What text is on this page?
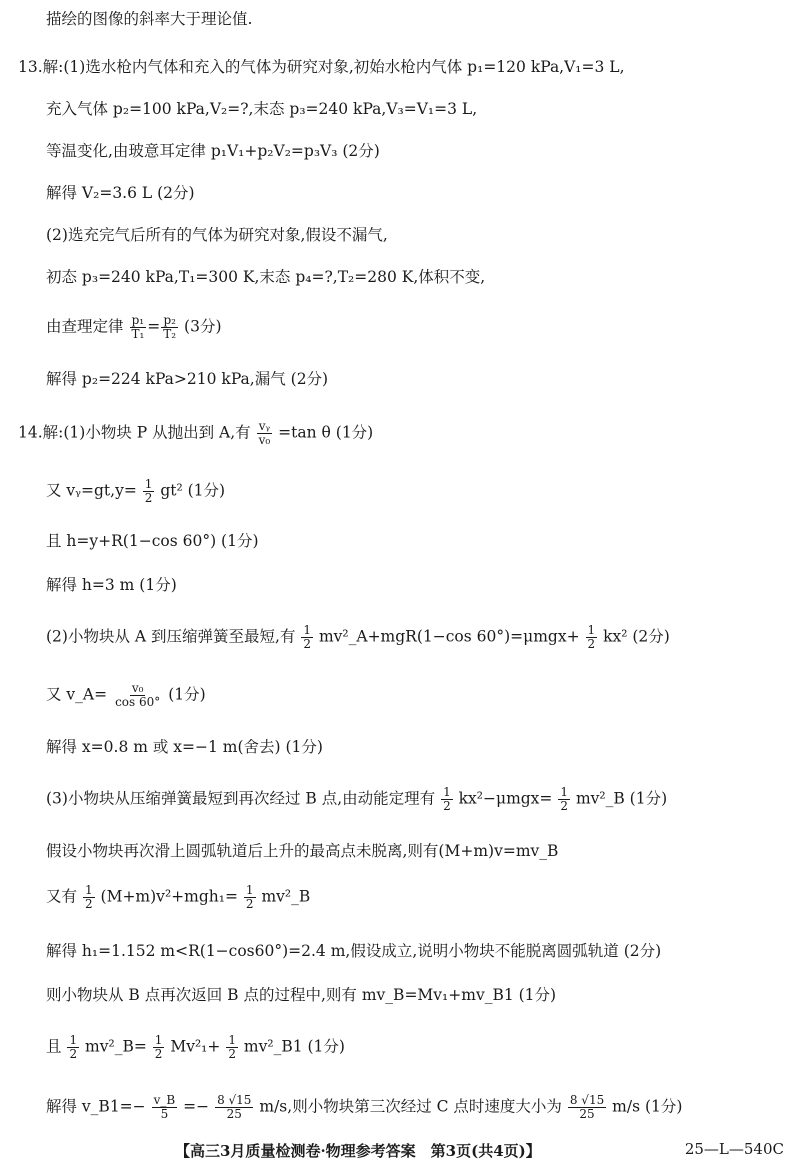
描绘的图像的斜率大于理论值.
13.解:(1)选水枪内气体和充入的气体为研究对象,初始水枪内气体 p₁=120 kPa,V₁=3 L,
充入气体 p₂=100 kPa,V₂=?,末态 p₃=240 kPa,V₃=V₁=3 L,
等温变化,由玻意耳定律 p₁V₁+p₂V₂=p₃V₃ (2分)
解得 V₂=3.6 L (2分)
(2)选充完气后所有的气体为研究对象,假设不漏气,
初态 p₃=240 kPa,T₁=300 K,末态 p₄=?,T₂=280 K,体积不变,
由查理定律 $\frac{\text{p₁}}{\text{T₁}} = \frac{\text{p₂}}{\text{T₂}} (3$分)
解得 p₂=224 kPa>210 kPa,漏气 (2分)
14.解:(1)小物块 P 从抛出到 A,有 $\frac{\text{vᵧ}}{\text{v₀}} =\tan$ θ (1分)
又 vᵧ=gt,y= $\frac{1}{2} gt^2$ (1分)
且 h=y+R(1−cos 60°) (1分)
解得 h=3 m (1分)
(2)小物块从 A 到压缩弹簧至最短,有 $\frac{1}{2}$ mv²_A+mgR(1−cos $60^\circ)=\mu mgx+ \frac{1}{2} kx^2$ (2分)
又 v_A= $\frac{\text{v₀}}{\cos 60^\circ} (1$分)
解得 x=0.8 m 或 x=−1 m(舍去) (1分)
(3)小物块从压缩弹簧最短到再次经过 B 点,由动能定理有 $\frac{1}{2} kx^2-\mu mgx= \frac{1}{2}$ mv²_B (1分)
假设小物块再次滑上圆弧轨道后上升的最高点未脱离,则有(M+m)v=mv_B
又有 $\frac{1}{2} (M+m)v^2+mgh_1= \frac{1}{2}$ mv²_B
解得 h₁=1.152 m<R(1−cos60°)=2.4 m,假设成立,说明小物块不能脱离圆弧轨道 (2分)
则小物块从 B 点再次返回 B 点的过程中,则有 mv_B=Mv₁+mv_B1 (1分)
且 $\frac{1}{2}$ mv²_B= $\frac{1}{2} Mv^2_1+ \frac{1}{2}$ mv²_B1 (1分)
解得 v_B1=− $\frac{v\_B}{5} =- \frac{8 √15}{25} m/s$,则小物块第三次经过 C 点时速度大小为 $\frac{8 √15}{25} m/s$ (1分)
【高三3月质量检测卷·物理参考答案　第3页(共4页)】	25—L—540C
